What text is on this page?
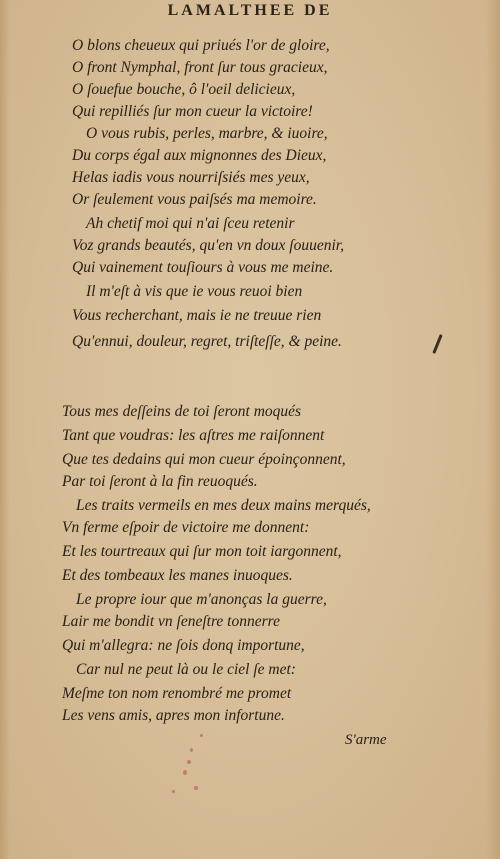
LAMALTHEE DE
O blons cheueux qui priués l'or de gloire,
O front Nymphal, front ſur tous gracieux,
O ſouefue bouche, ô l'oeil delicieux,
Qui repilliés ſur mon cueur la victoire!
O vous rubis, perles, marbre, & iuoire,
Du corps égal aux mignonnes des Dieux,
Helas iadis vous nourriſsiés mes yeux,
Or ſeulement vous paiſsés ma memoire.
Ah chetif moi qui n'ai ſceu retenir
Voz grands beautés, qu'en vn doux ſouuenir,
Qui vainement touſiours à vous me meine.
Il m'eſt à vis que ie vous reuoi bien
Vous recherchant, mais ie ne treuue rien
Qu'ennui, douleur, regret, triſteſſe, & peine.
Tous mes deſſeins de toi ſeront moqués
Tant que voudras: les aſtres me raiſonnent
Que tes dedains qui mon cueur époinçonnent,
Par toi ſeront à la fin reuoqués.
Les traits vermeils en mes deux mains merqués,
Vn ferme eſpoir de victoire me donnent:
Et les tourtreaux qui ſur mon toit iargonnent,
Et des tombeaux les manes inuoques.
Le propre iour que m'anonças la guerre,
Lair me bondit vn ſeneſtre tonnerre
Qui m'allegra: ne ſois donq importune,
Car nul ne peut là ou le ciel ſe met:
Meſme ton nom renombré me promet
Les vens amis, apres mon infortune.
S'arme
